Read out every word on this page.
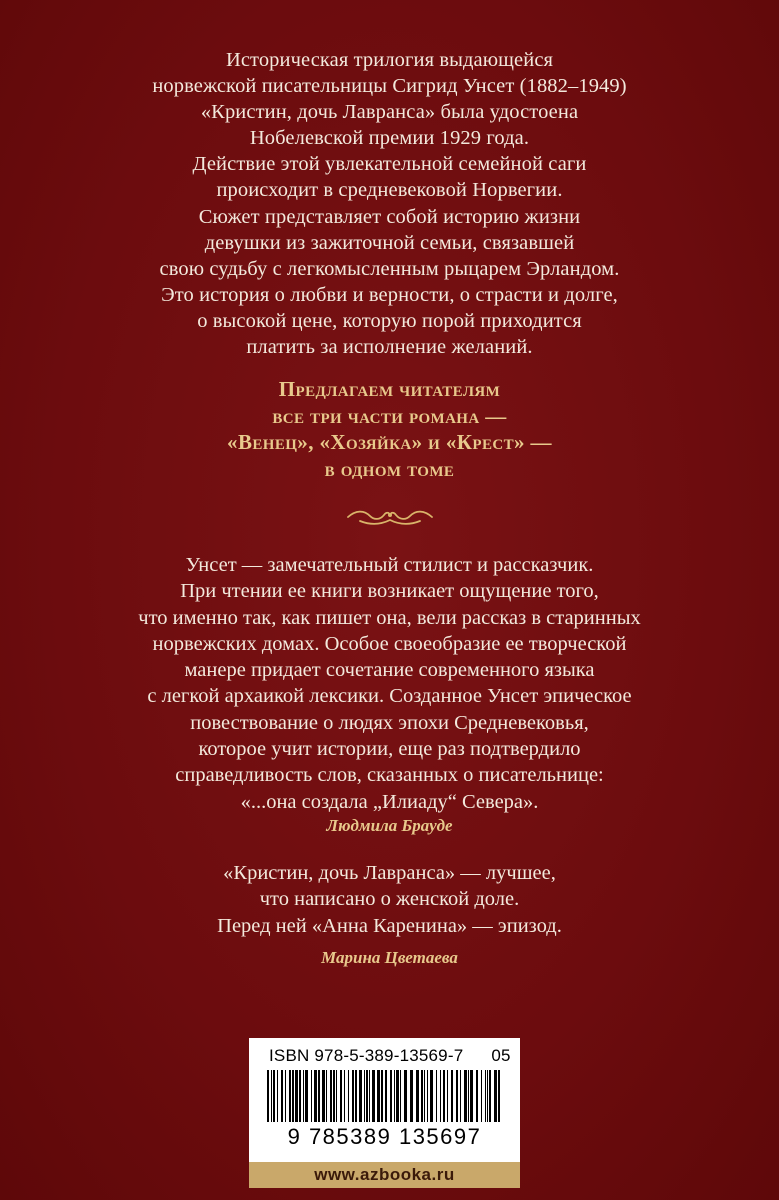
Историческая трилогия выдающейся
норвежской писательницы Сигрид Унсет (1882–1949)
«Кристин, дочь Лавранса» была удостоена
Нобелевской премии 1929 года.
Действие этой увлекательной семейной саги
происходит в средневековой Норвегии.
Сюжет представляет собой историю жизни
девушки из зажиточной семьи, связавшей
свою судьбу с легкомысленным рыцарем Эрландом.
Это история о любви и верности, о страсти и долге,
о высокой цене, которую порой приходится
платить за исполнение желаний.
Предлагаем читателям
все три части романа —
«Венец», «Хозяйка» и «Крест» —
в одном томе
Унсет — замечательный стилист и рассказчик.
При чтении ее книги возникает ощущение того,
что именно так, как пишет она, вели рассказ в старинных
норвежских домах. Особое своеобразие ее творческой
манере придает сочетание современного языка
с легкой архаикой лексики. Созданное Унсет эпическое
повествование о людях эпохи Средневековья,
которое учит истории, еще раз подтвердило
справедливость слов, сказанных о писательнице:
«...она создала „Илиаду“ Севера».
Людмила Брауде
«Кристин, дочь Лавранса» — лучшее,
что написано о женской доле.
Перед ней «Анна Каренина» — эпизод.
Марина Цветаева
ISBN 978-5-389-13569-7 05
9 785389 135697
www.azbooka.ru
